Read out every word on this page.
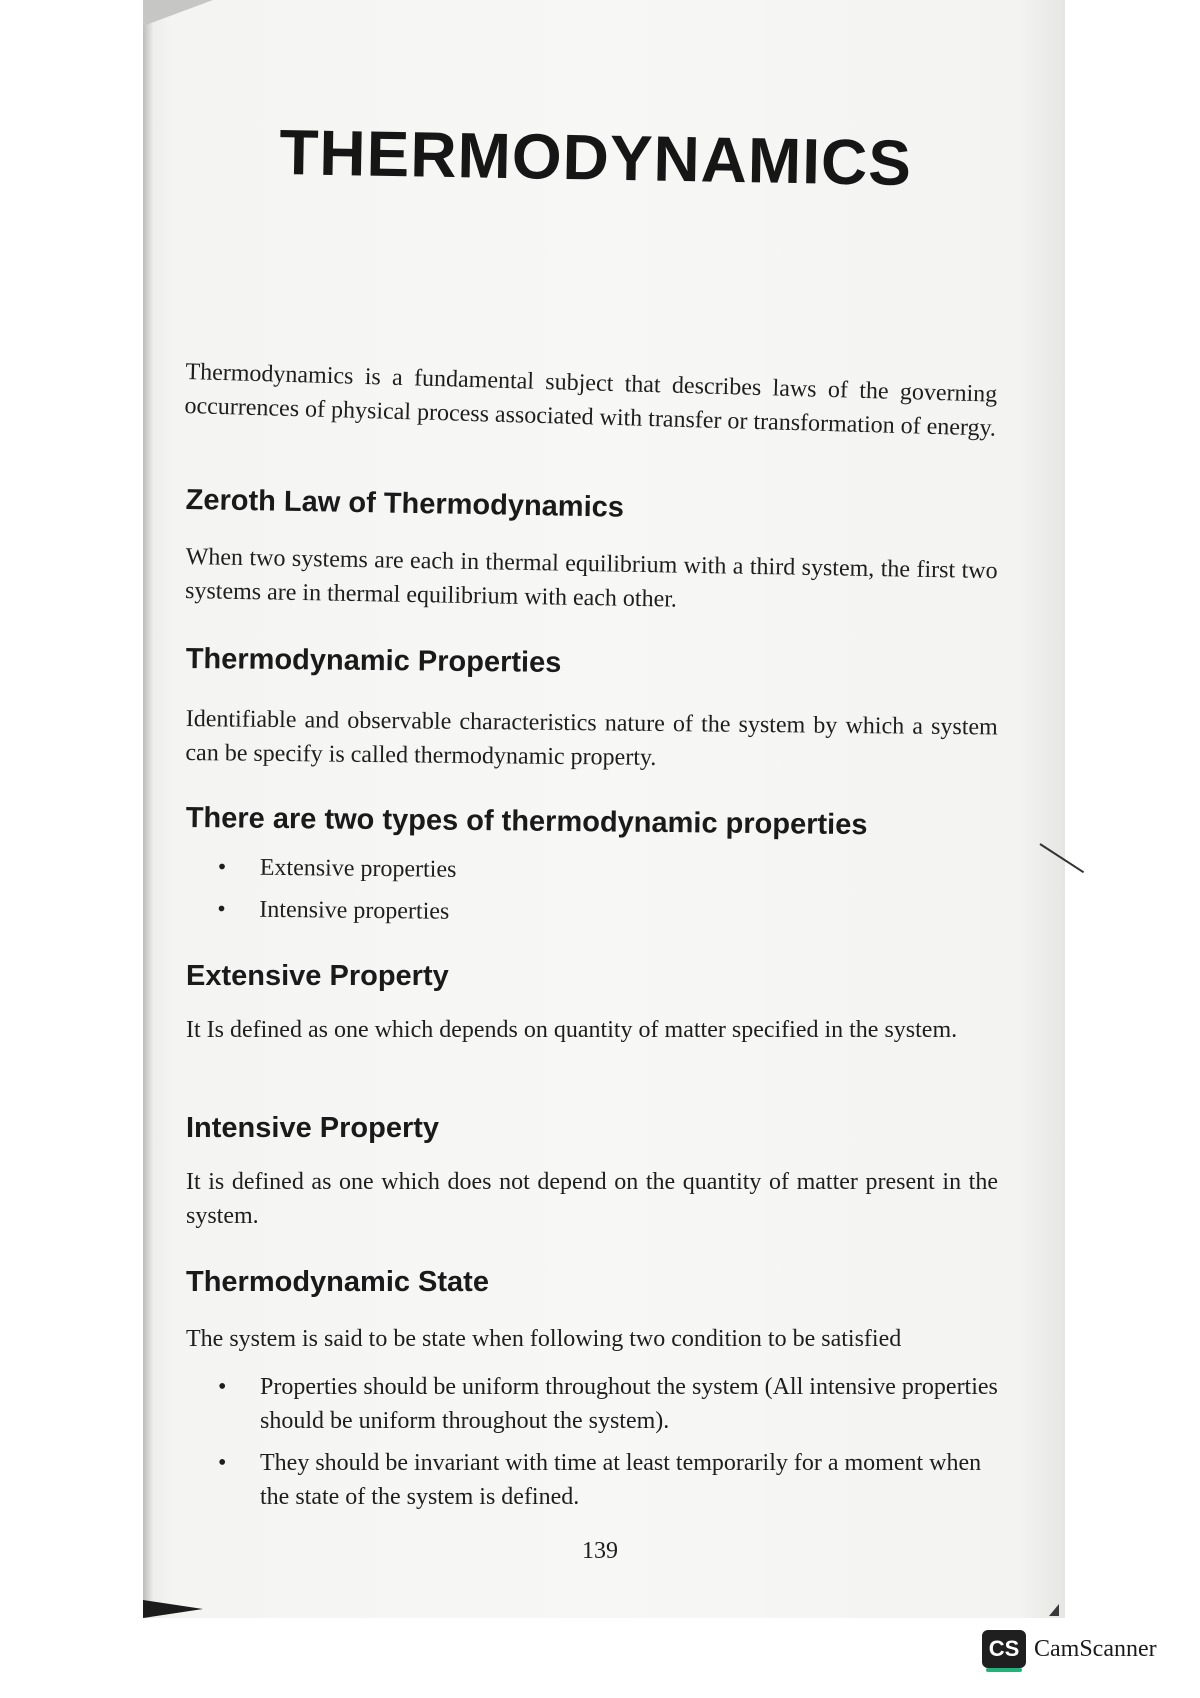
THERMODYNAMICS

Thermodynamics is a fundamental subject that describes laws of the governing occurrences of physical process associated with transfer or transformation of energy.

Zeroth Law of Thermodynamics

When two systems are each in thermal equilibrium with a third system, the first two systems are in thermal equilibrium with each other.

Thermodynamic Properties

Identifiable and observable characteristics nature of the system by which a system can be specify is called thermodynamic property.

There are two types of thermodynamic properties
• Extensive properties
• Intensive properties
Extensive Property

It Is defined as one which depends on quantity of matter specified in the system.

Intensive Property

It is defined as one which does not depend on the quantity of matter present in the system.

Thermodynamic State

The system is said to be state when following two condition to be satisfied

• Properties should be uniform throughout the system (All intensive properties should be uniform throughout the system).
• They should be invariant with time at least temporarily for a moment when the state of the system is defined.

139

CS CamScanner
